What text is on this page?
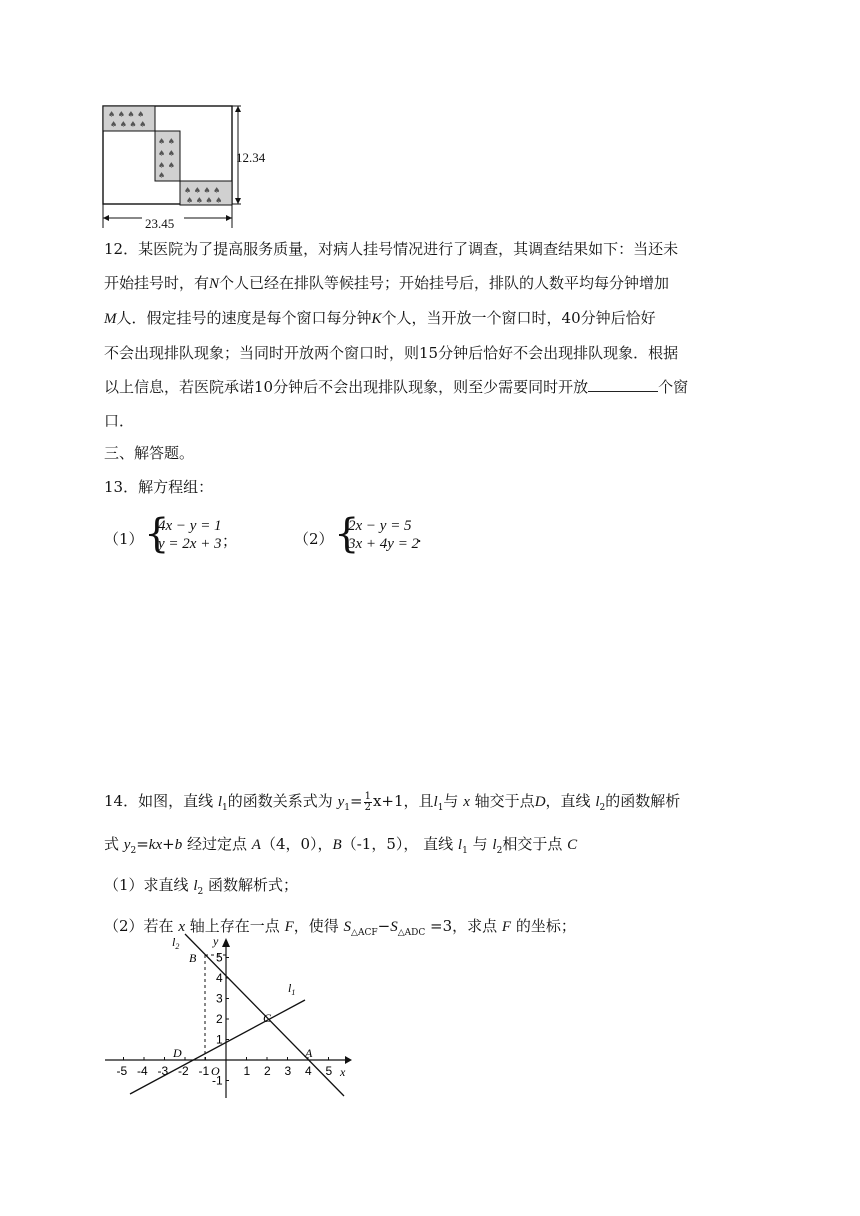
♠ ♠ ♠ ♠
♠ ♠ ♠ ♠
♠ ♠
♠ ♠
♠ ♠
♠
♠ ♠ ♠ ♠
♠ ♠ ♠ ♠
12.34
23.45
12．某医院为了提高服务质量，对病人挂号情况进行了调查，其调查结果如下：当还未
开始挂号时，有N个人已经在排队等候挂号；开始挂号后，排队的人数平均每分钟增加
M人．假定挂号的速度是每个窗口每分钟K个人，当开放一个窗口时，40分钟后恰好
不会出现排队现象；当同时开放两个窗口时，则15分钟后恰好不会出现排队现象．根据
以上信息，若医院承诺10分钟后不会出现排队现象，则至少需要同时开放	个窗
口．
三、解答题。
13．解方程组：
（1） {
4x − y = 1
y = 2x + 3 ；	（2） {
2x − y = 5
3x + 4y = 2
.
14．如图，直线 $l_1$的函数关系式为 $y_1= \frac{1}{2} x+1$，且$l_1$与 x 轴交于点D，直线 $l_2$的函数解析
式 $y_2=kx+b$ 经过定点 A（4，0），B（-1，5）， 直线 $l_1$ 与 $l_2$相交于点 C
（1）求直线 $l_2$ 函数解析式；
（2）若在 x 轴上存在一点 F，使得 $S_{\triangle ACF}-S_{\triangle ADC} =3$，求点 F 的坐标；
-5 -4 -3 -2 -1	1 2 3 4 5
5
4
3
2
1
-1
$l_2$
$l_1$
y
x
B
C
D	A
O
